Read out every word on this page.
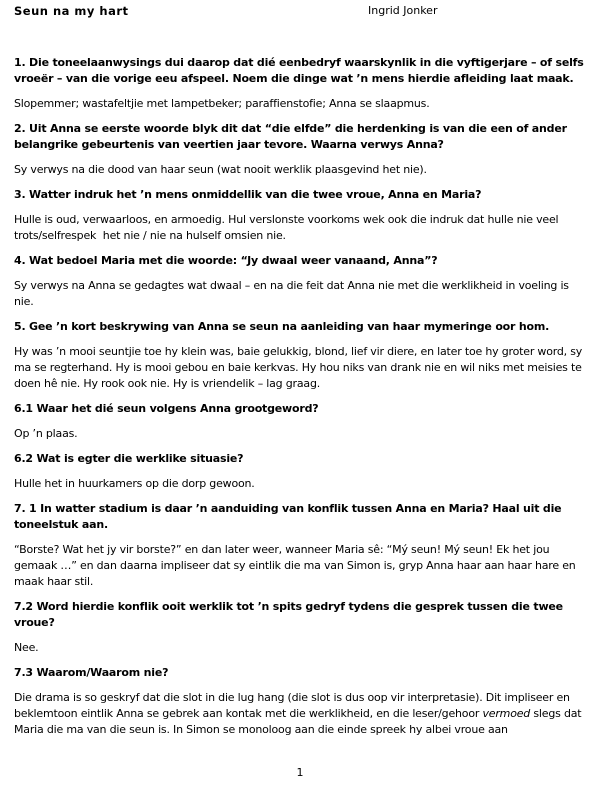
Seun na my hart	Ingrid Jonker

1. Die toneelaanwysings dui daarop dat dié eenbedryf waarskynlik in die vyftigerjare – of selfs vroeër – van die vorige eeu afspeel. Noem die dinge wat ’n mens hierdie afleiding laat maak.

Slopemmer; wastafeltjie met lampetbeker; paraffienstofie; Anna se slaapmus.

2. Uit Anna se eerste woorde blyk dit dat “die elfde” die herdenking is van die een of ander belangrike gebeurtenis van veertien jaar tevore. Waarna verwys Anna?

Sy verwys na die dood van haar seun (wat nooit werklik plaasgevind het nie).

3. Watter indruk het ’n mens onmiddellik van die twee vroue, Anna en Maria?

Hulle is oud, verwaarloos, en armoedig. Hul verslonste voorkoms wek ook die indruk dat hulle nie veel trots/selfrespek  het nie / nie na hulself omsien nie.

4. Wat bedoel Maria met die woorde: “Jy dwaal weer vanaand, Anna”?

Sy verwys na Anna se gedagtes wat dwaal – en na die feit dat Anna nie met die werklikheid in voeling is nie.

5. Gee ’n kort beskrywing van Anna se seun na aanleiding van haar mymeringe oor hom.

Hy was ’n mooi seuntjie toe hy klein was, baie gelukkig, blond, lief vir diere, en later toe hy groter word, sy ma se regterhand. Hy is mooi gebou en baie kerkvas. Hy hou niks van drank nie en wil niks met meisies te doen hê nie. Hy rook ook nie. Hy is vriendelik – lag graag.

6.1 Waar het dié seun volgens Anna grootgeword?

Op ’n plaas.

6.2 Wat is egter die werklike situasie?

Hulle het in huurkamers op die dorp gewoon.

7. 1 In watter stadium is daar ’n aanduiding van konflik tussen Anna en Maria? Haal uit die toneelstuk aan.

“Borste? Wat het jy vir borste?” en dan later weer, wanneer Maria sê: “Mý seun! Mý seun! Ek het jou gemaak …” en dan daarna impliseer dat sy eintlik die ma van Simon is, gryp Anna haar aan haar hare en maak haar stil.

7.2 Word hierdie konflik ooit werklik tot ’n spits gedryf tydens die gesprek tussen die twee vroue?

Nee.

7.3 Waarom/Waarom nie?

Die drama is so geskryf dat die slot in die lug hang (die slot is dus oop vir interpretasie). Dit impliseer en beklemtoon eintlik Anna se gebrek aan kontak met die werklikheid, en die leser/gehoor vermoed slegs dat Maria die ma van die seun is. In Simon se monoloog aan die einde spreek hy albei vroue aan

1
